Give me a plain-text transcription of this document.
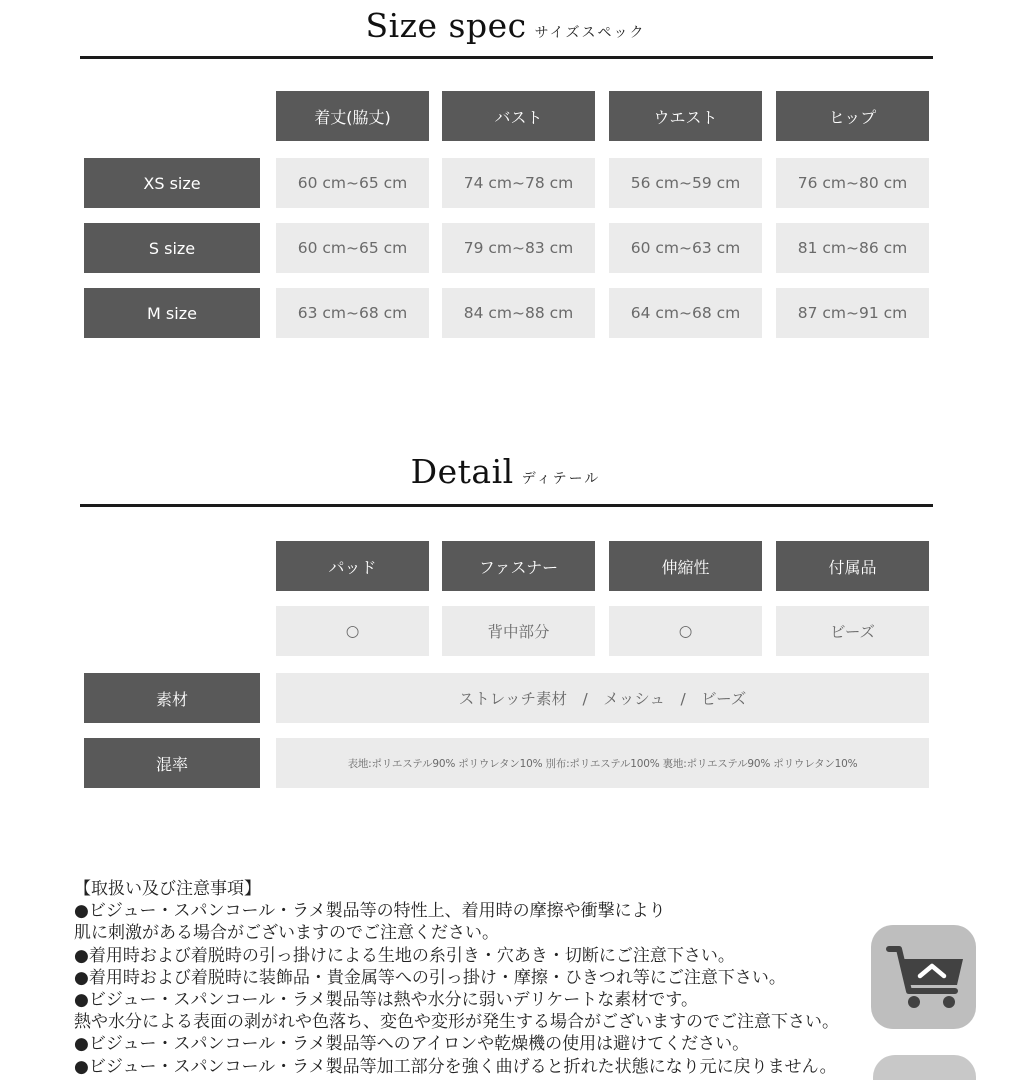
Size spec サイズスペック
着丈(脇丈)	バスト	ウエスト	ヒップ
XS size	60 cm~65 cm	74 cm~78 cm	56 cm~59 cm	76 cm~80 cm
S size	60 cm~65 cm	79 cm~83 cm	60 cm~63 cm	81 cm~86 cm
M size	63 cm~68 cm	84 cm~88 cm	64 cm~68 cm	87 cm~91 cm
Detail ディテール
パッド	ファスナー	伸縮性	付属品
○	背中部分	○	ビーズ
素材	ストレッチ素材　/　メッシュ　/　ビーズ
混率	表地:ポリエステル90% ポリウレタン10% 別布:ポリエステル100% 裏地:ポリエステル90% ポリウレタン10%
【取扱い及び注意事項】
●ビジュー・スパンコール・ラメ製品等の特性上、着用時の摩擦や衝撃により
肌に刺激がある場合がございますのでご注意ください。
●着用時および着脱時の引っ掛けによる生地の糸引き・穴あき・切断にご注意下さい。
●着用時および着脱時に装飾品・貴金属等への引っ掛け・摩擦・ひきつれ等にご注意下さい。
●ビジュー・スパンコール・ラメ製品等は熱や水分に弱いデリケートな素材です。
熱や水分による表面の剥がれや色落ち、変色や変形が発生する場合がございますのでご注意下さい。
●ビジュー・スパンコール・ラメ製品等へのアイロンや乾燥機の使用は避けてください。
●ビジュー・スパンコール・ラメ製品等加工部分を強く曲げると折れた状態になり元に戻りません。
